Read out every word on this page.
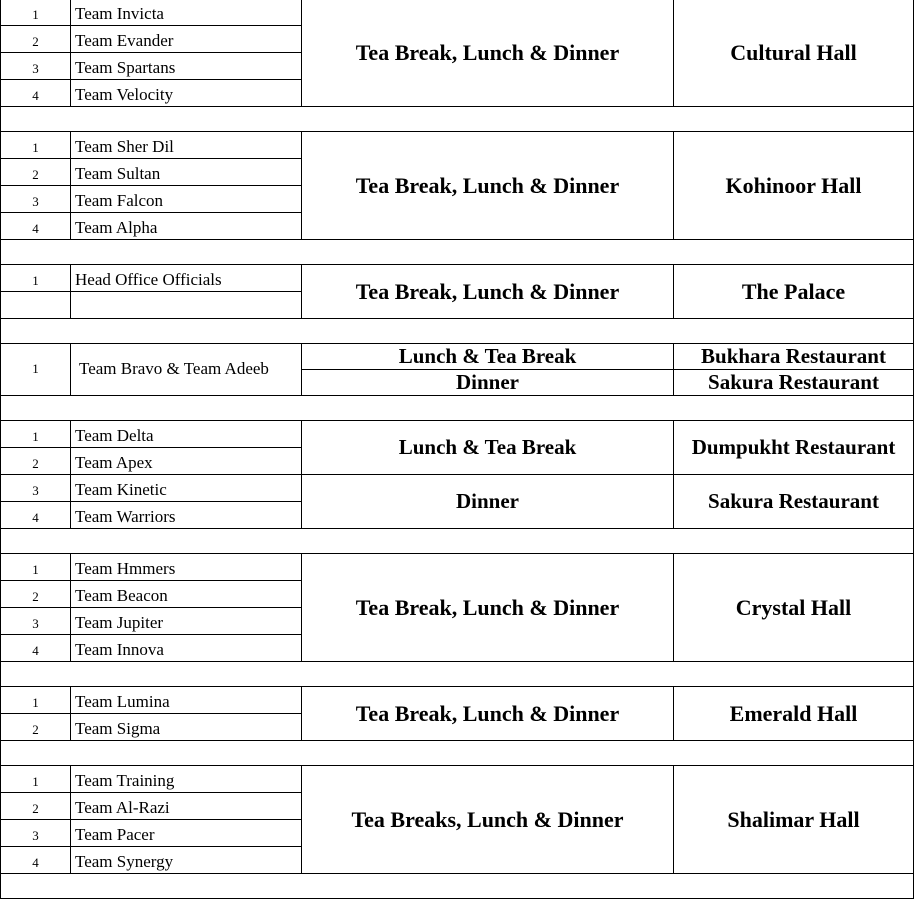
1	Team Invicta	Tea Break, Lunch & Dinner	Cultural Hall
2	Team Evander		
3	Team Spartans		
4	Team Velocity		

1	Team Sher Dil	Tea Break, Lunch & Dinner	Kohinoor Hall
2	Team Sultan		
3	Team Falcon		
4	Team Alpha		

1	Head Office Officials	Tea Break, Lunch & Dinner	The Palace

1	Team Bravo & Team Adeeb	Lunch & Tea Break	Bukhara Restaurant
		Dinner	Sakura Restaurant

1	Team Delta	Lunch & Tea Break	Dumpukht Restaurant
2	Team Apex		
3	Team Kinetic	Dinner	Sakura Restaurant
4	Team Warriors		

1	Team Hmmers	Tea Break, Lunch & Dinner	Crystal Hall
2	Team Beacon		
3	Team Jupiter		
4	Team Innova		

1	Team Lumina	Tea Break, Lunch & Dinner	Emerald Hall
2	Team Sigma		

1	Team Training	Tea Breaks, Lunch & Dinner	Shalimar Hall
2	Team Al-Razi		
3	Team Pacer		
4	Team Synergy		
